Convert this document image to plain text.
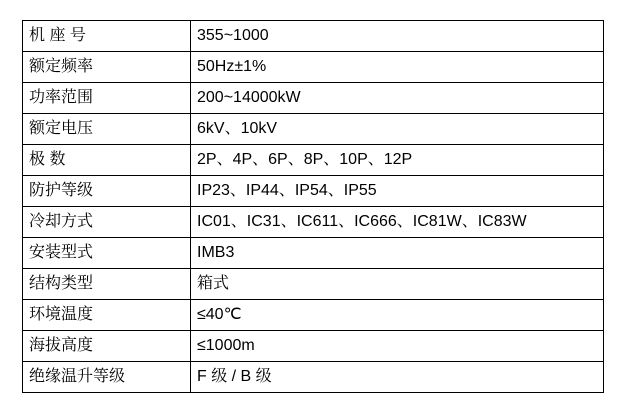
机 座 号	355~1000
额定频率	50Hz±1%
功率范围	200~14000kW
额定电压	6kV、10kV
极 数	2P、4P、6P、8P、10P、12P
防护等级	IP23、IP44、IP54、IP55
冷却方式	IC01、IC31、IC611、IC666、IC81W、IC83W
安装型式	IMB3
结构类型	箱式
环境温度	≤40℃
海拔高度	≤1000m
绝缘温升等级	F 级 / B 级
